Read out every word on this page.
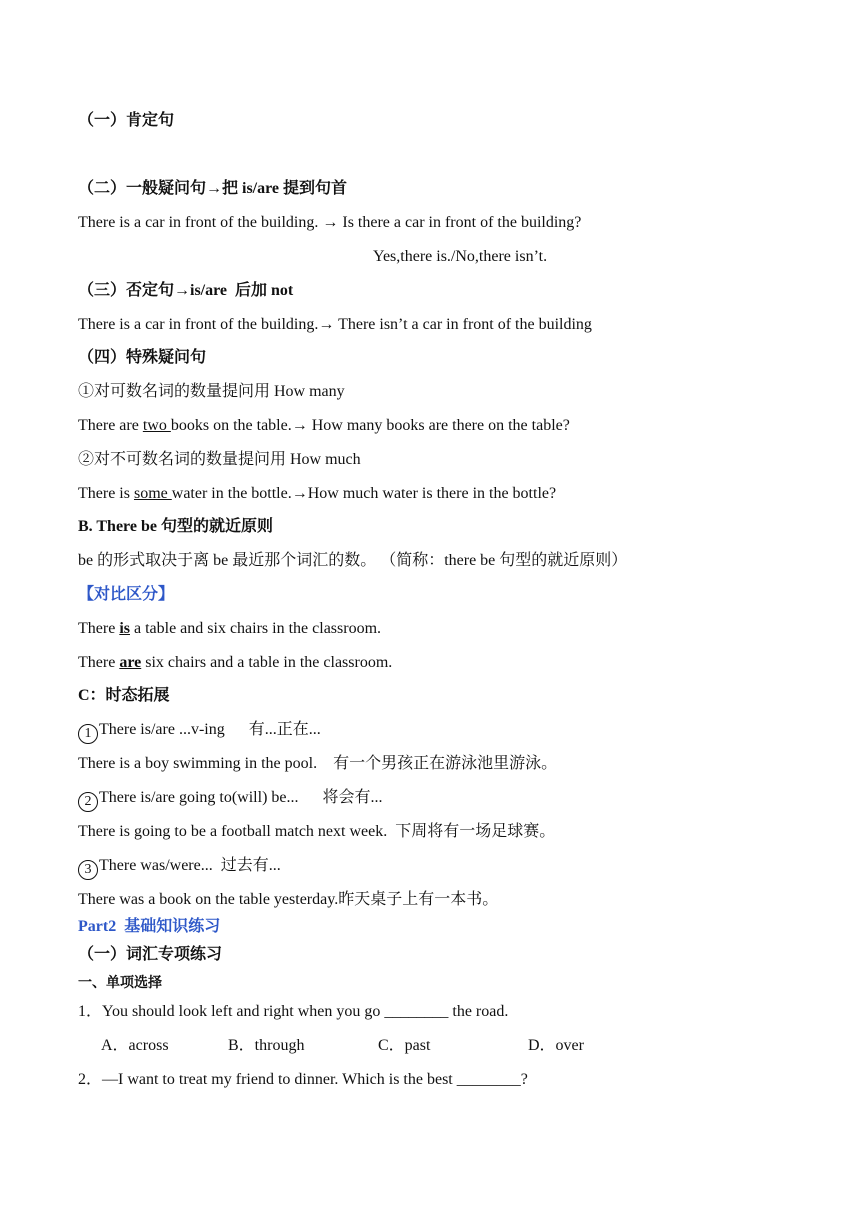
（一）肯定句
（二）一般疑问句→把 is/are 提到句首
There is a car in front of the building. → Is there a car in front of the building?
Yes,there is./No,there isn’t.
（三）否定句→is/are  后加 not
There is a car in front of the building.→ There isn’t a car in front of the building
（四）特殊疑问句
①对可数名词的数量提问用 How many
There are two books on the table.→ How many books are there on the table?
②对不可数名词的数量提问用 How much
There is some water in the bottle.→How much water is there in the bottle?
B. There be 句型的就近原则
be 的形式取决于离 be 最近那个词汇的数。 （简称：there be 句型的就近原则）
【对比区分】
There is a table and six chairs in the classroom.
There are six chairs and a table in the classroom.
C：时态拓展
1 There is/are ...v-ing      有...正在...
There is a boy swimming in the pool.    有一个男孩正在游泳池里游泳。
2 There is/are going to(will) be...      将会有...
There is going to be a football match next week.  下周将有一场足球赛。
3 There was/were...  过去有...
There was a book on the table yesterday.昨天桌子上有一本书。
Part2  基础知识练习
（一）词汇专项练习
一、单项选择
1．You should look left and right when you go ________ the road.
A．across	B．through	C．past	D．over
2．—I want to treat my friend to dinner. Which is the best ________?
